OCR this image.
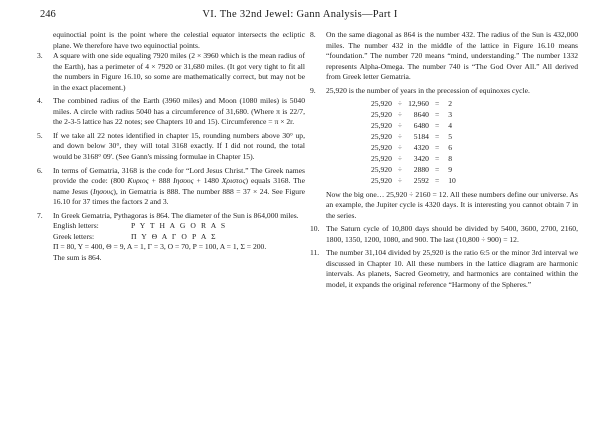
246	VI. The 32nd Jewel: Gann Analysis—Part I

equinoctial point is the point where the celestial equator intersects the ecliptic plane. We therefore have two equinoctial points.

3.	A square with one side equaling 7920 miles (2 × 3960 which is the mean radius of the Earth), has a perimeter of 4 × 7920 or 31,680 miles. (It got very tight to fit all the numbers in Figure 16.10, so some are mathematically correct, but may not be in the exact placement.)

4.	The combined radius of the Earth (3960 miles) and Moon (1080 miles) is 5040 miles. A circle with radius 5040 has a circumference of 31,680. (Where π is 22/7, the 2-3-5 lattice has 22 notes; see Chapters 10 and 15). Circumference = π × 2r.

5.	If we take all 22 notes identified in chapter 15, rounding numbers above 30° up, and down below 30°, they will total 3168 exactly. If I did not round, the total would be 3168° 09'. (See Gann's missing formulae in Chapter 15).

6.	In terms of Gematria, 3168 is the code for “Lord Jesus Christ.” The Greek names provide the code: (800 Κυριος + 888 Ιησους + 1480 Χριστος) equals 3168. The name Jesus (Ιησους), in Gematria is 888. The number 888 = 37 × 24. See Figure 16.10 for 37 times the factors 2 and 3.

7.	In Greek Gematria, Pythagoras is 864. The diameter of the Sun is 864,000 miles.

English letters:	P Y T H A G O R A S
Greek letters:	Π Υ Θ Α Γ Ο Ρ Α Σ

Π = 80, Υ = 400, Θ = 9, Α = 1, Γ = 3, Ο = 70, Ρ = 100, Α = 1, Σ = 200.

The sum is 864.

8.	On the same diagonal as 864 is the number 432. The radius of the Sun is 432,000 miles. The number 432 in the middle of the lattice in Figure 16.10 means “foundation.” The number 720 means “mind, understanding.” The number 1332 represents Alpha-Omega. The number 740 is “The God Over All.” All derived from Greek letter Gematria.

9.	25,920 is the number of years in the precession of equinoxes cycle.

25,920	÷	12,960	=	2
25,920	÷	8640	=	3
25,920	÷	6480	=	4
25,920	÷	5184	=	5
25,920	÷	4320	=	6
25,920	÷	3420	=	8
25,920	÷	2880	=	9
25,920	÷	2592	=	10

Now the big one… 25,920 ÷ 2160 = 12. All these numbers define our universe. As an example, the Jupiter cycle is 4320 days. It is interesting you cannot obtain 7 in the series.

10. The Saturn cycle of 10,800 days should be divided by 5400, 3600, 2700, 2160, 1800, 1350, 1200, 1080, and 900. The last (10,800 ÷ 900) = 12.

11. The number 31,104 divided by 25,920 is the ratio 6:5 or the minor 3rd interval we discussed in Chapter 10. All these numbers in the lattice diagram are harmonic intervals. As planets, Sacred Geometry, and harmonics are contained within the model, it expands the original reference “Harmony of the Spheres.”
